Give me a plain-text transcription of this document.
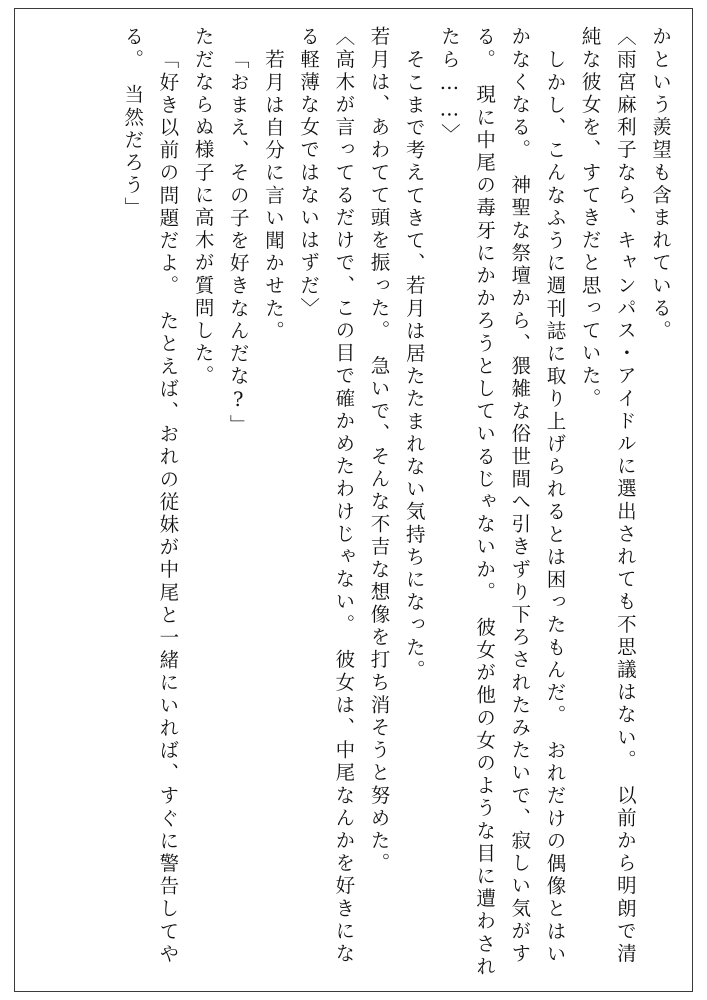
かという羨望も含まれている。
〈雨宮麻利子なら、キャンパス・アイドルに選出されても不思議はない。　以前から明朗で清
純な彼女を、すてきだと思っていた。
しかし、こんなふうに週刊誌に取り上げられるとは困ったもんだ。　おれだけの偶像とはい
かなくなる。　神聖な祭壇から、猥雑な俗世間へ引きずり下ろされたみたいで、寂しい気がす
る。　現に中尾の毒牙にかかろうとしているじゃないか。　彼女が他の女のような目に遭わされ
たら……〉
そこまで考えてきて、若月は居たたまれない気持ちになった。
若月は、あわてて頭を振った。　急いで、そんな不吉な想像を打ち消そうと努めた。
〈高木が言ってるだけで、この目で確かめたわけじゃない。　彼女は、中尾なんかを好きにな
る軽薄な女ではないはずだ〉
若月は自分に言い聞かせた。
「おまえ、その子を好きなんだな?」
ただならぬ様子に高木が質問した。
「好き以前の問題だよ。　たとえば、おれの従妹が中尾と一緒にいれば、すぐに警告してや
る。　当然だろう」
